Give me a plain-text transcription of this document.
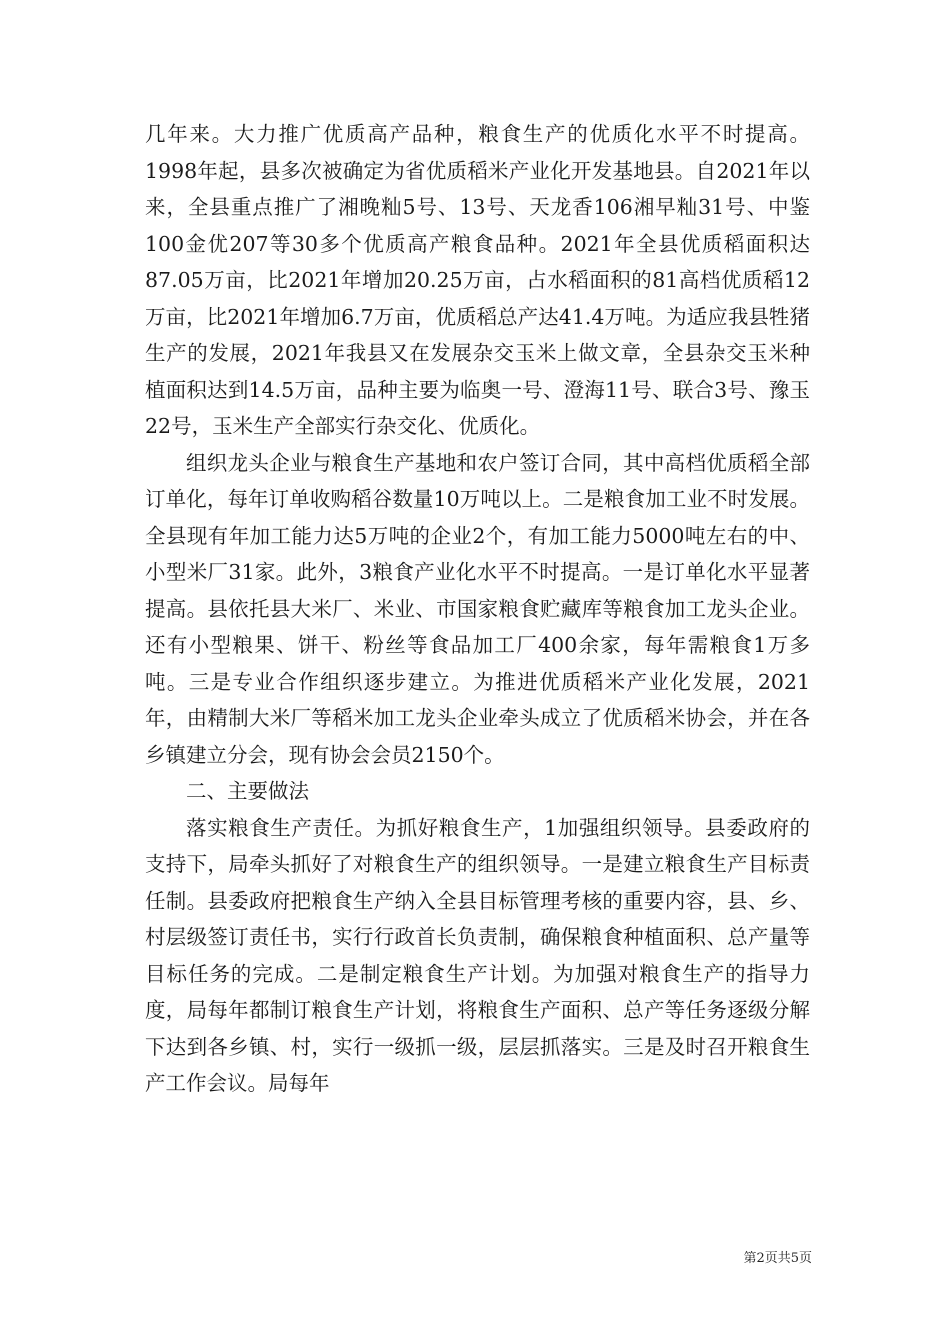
几年来。大力推广优质高产品种，粮食生产的优质化水平不时提高。1998年起，县多次被确定为省优质稻米产业化开发基地县。自2021年以来，全县重点推广了湘晚籼5号、13号、天龙香106湘早籼31号、中鉴100金优207等30多个优质高产粮食品种。2021年全县优质稻面积达87.05万亩，比2021年增加20.25万亩，占水稻面积的81高档优质稻12万亩，比2021年增加6.7万亩，优质稻总产达41.4万吨。为适应我县牲猪生产的发展，2021年我县又在发展杂交玉米上做文章，全县杂交玉米种植面积达到14.5万亩，品种主要为临奥一号、澄海11号、联合3号、豫玉22号，玉米生产全部实行杂交化、优质化。

组织龙头企业与粮食生产基地和农户签订合同，其中高档优质稻全部订单化，每年订单收购稻谷数量10万吨以上。二是粮食加工业不时发展。全县现有年加工能力达5万吨的企业2个，有加工能力5000吨左右的中、小型米厂31家。此外，3粮食产业化水平不时提高。一是订单化水平显著提高。县依托县大米厂、米业、市国家粮食贮藏库等粮食加工龙头企业。还有小型粮果、饼干、粉丝等食品加工厂400余家，每年需粮食1万多吨。三是专业合作组织逐步建立。为推进优质稻米产业化发展，2021年，由精制大米厂等稻米加工龙头企业牵头成立了优质稻米协会，并在各乡镇建立分会，现有协会会员2150个。

二、主要做法

落实粮食生产责任。为抓好粮食生产，1加强组织领导。县委政府的支持下，局牵头抓好了对粮食生产的组织领导。一是建立粮食生产目标责任制。县委政府把粮食生产纳入全县目标管理考核的重要内容，县、乡、村层级签订责任书，实行行政首长负责制，确保粮食种植面积、总产量等目标任务的完成。二是制定粮食生产计划。为加强对粮食生产的指导力度，局每年都制订粮食生产计划，将粮食生产面积、总产等任务逐级分解下达到各乡镇、村，实行一级抓一级，层层抓落实。三是及时召开粮食生产工作会议。局每年

第2页共5页
